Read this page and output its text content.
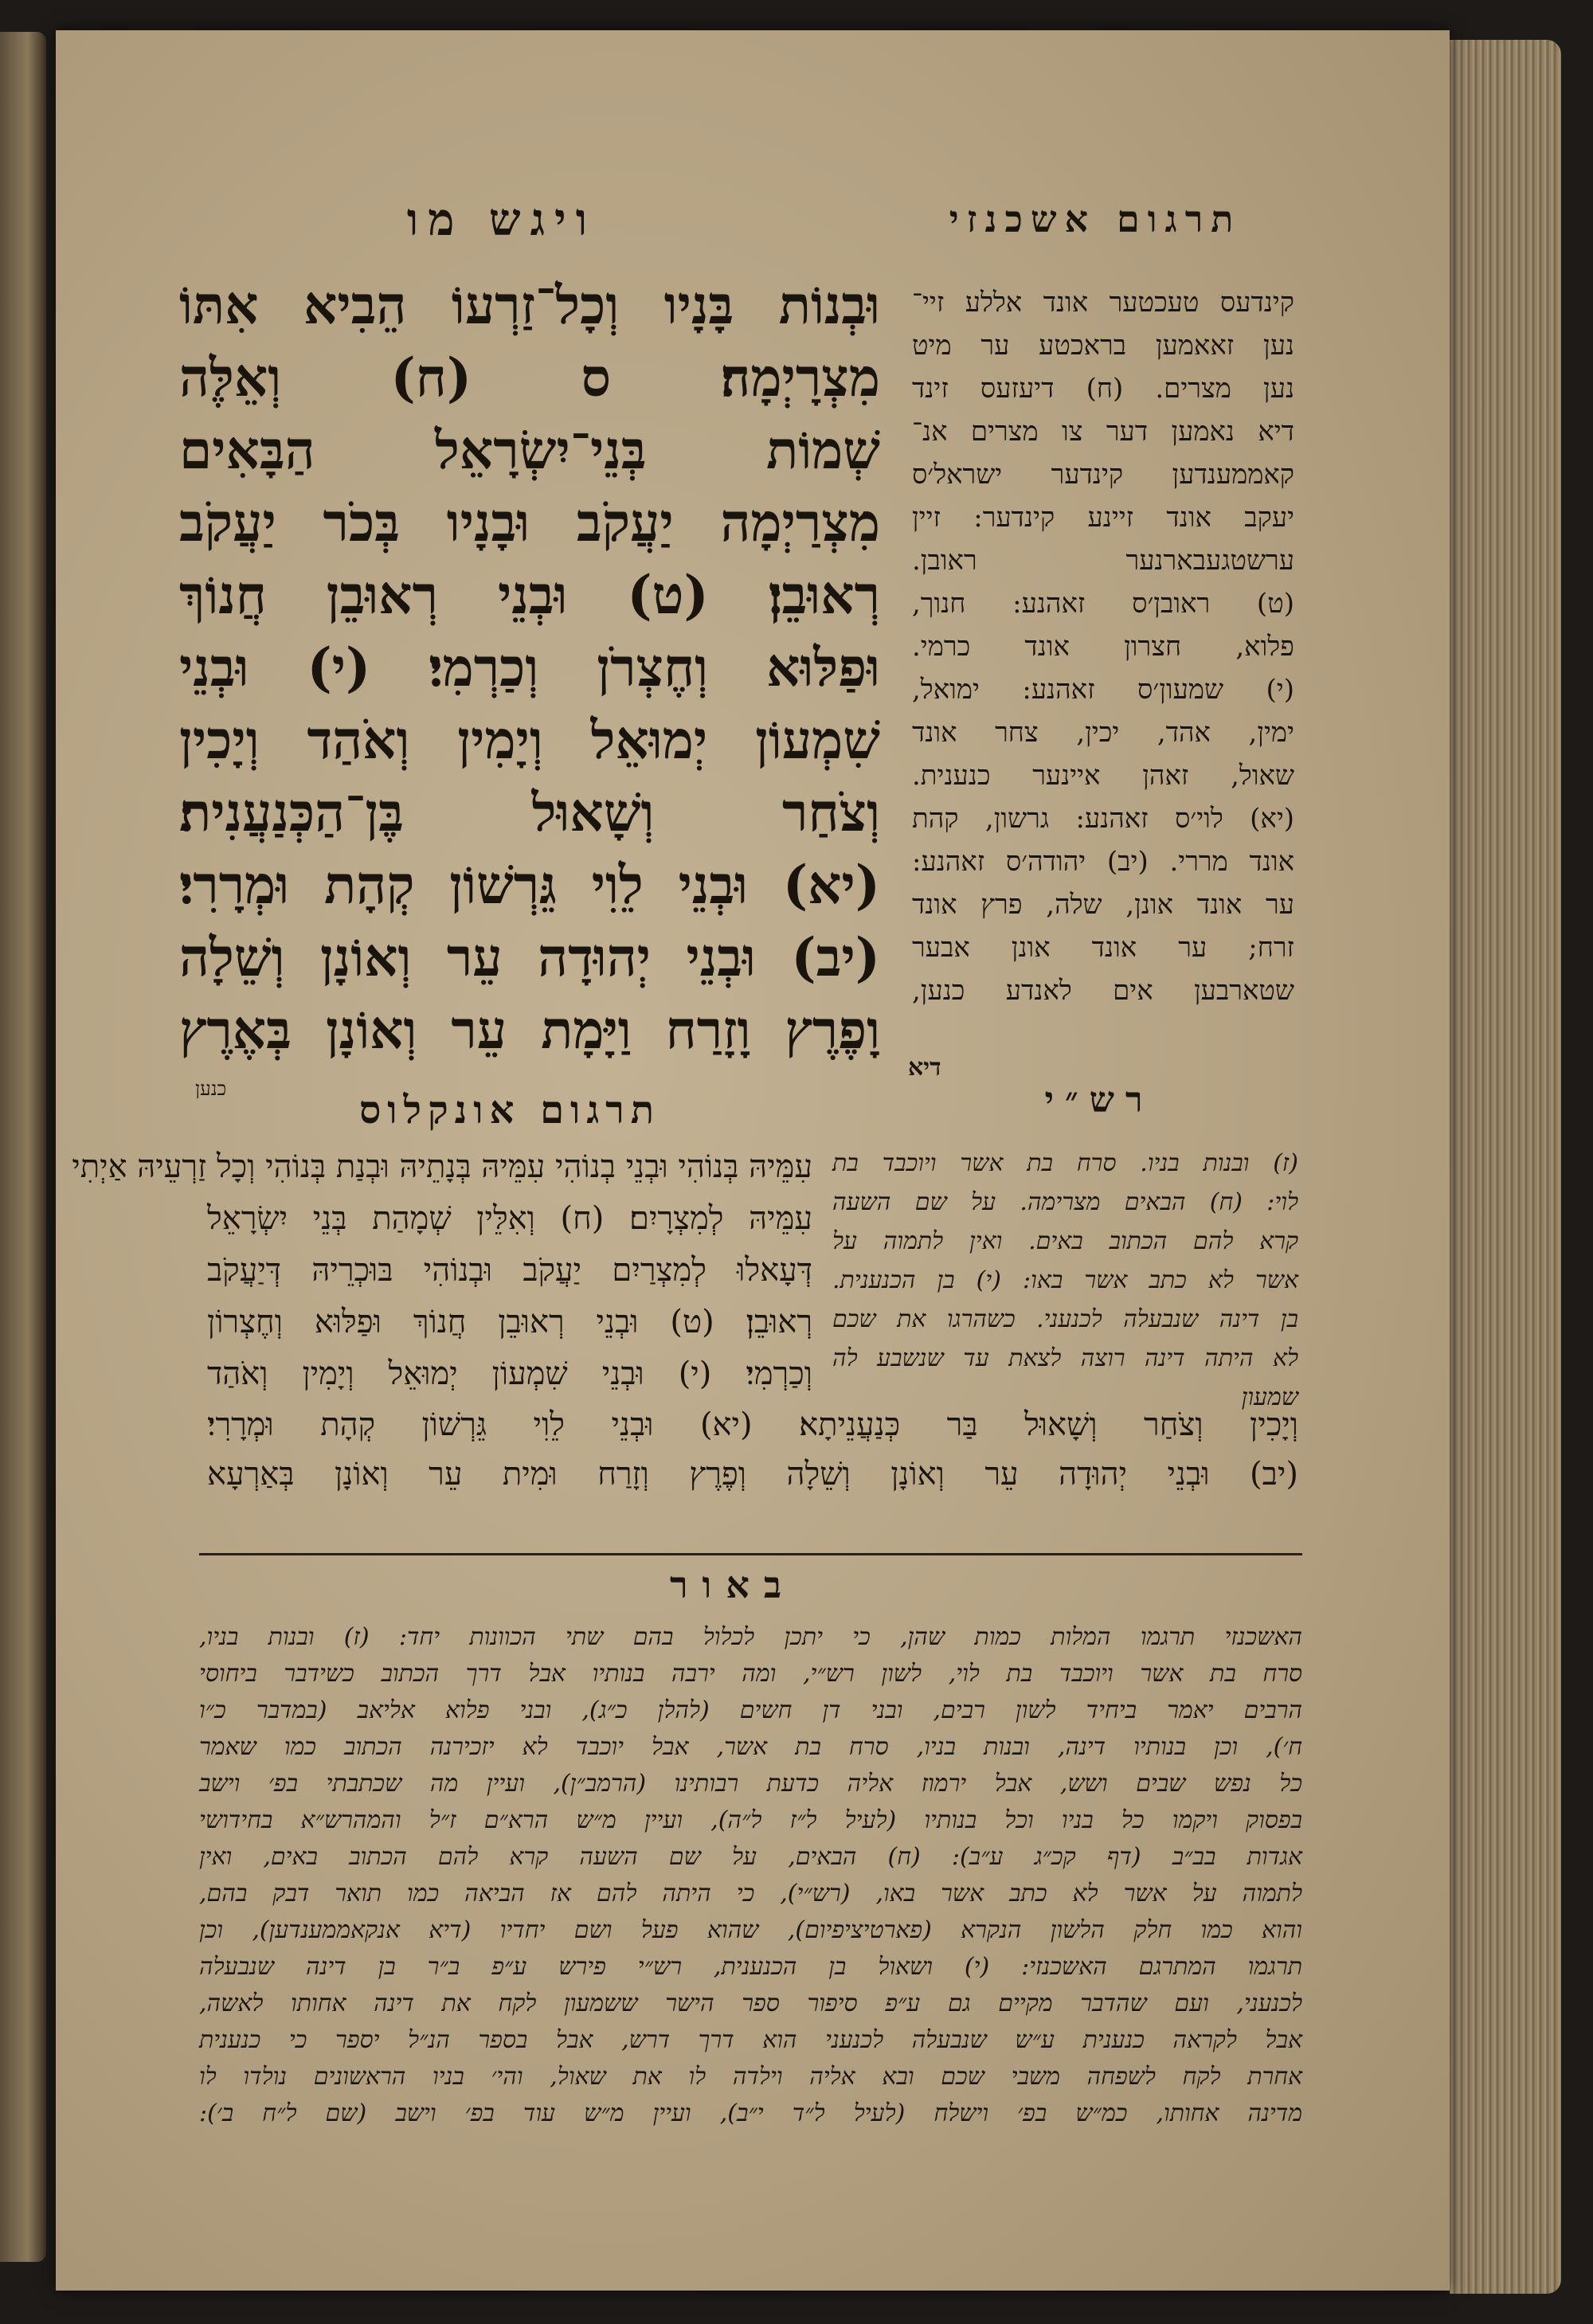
תרגום אשכנזי
ויגש מו
וּבְנוֹת בָּנָיו וְכָל־זַרְעוֹ הֵבִיא אִתּוֹ
מִצְרָיְמָה׃ ס (ח) וְאֵלֶּה
שְׁמוֹת בְּנֵי־יִשְׂרָאֵל הַבָּאִים
מִצְרַיְמָה יַעֲקֹב וּבָנָיו בְּכֹר יַעֲקֹב
רְאוּבֵן׃ (ט) וּבְנֵי רְאוּבֵן חֲנוֹךְ
וּפַלּוּא וְחֶצְרֹן וְכַרְמִי׃ (י) וּבְנֵי
שִׁמְעוֹן יְמוּאֵל וְיָמִין וְאֹהַד וְיָכִין
וְצֹחַר וְשָׁאוּל בֶּן־הַכְּנַעֲנִית׃
(יא) וּבְנֵי לֵוִי גֵּרְשׁוֹן קְהָת וּמְרָרִי׃
(יב) וּבְנֵי יְהוּדָה עֵר וְאוֹנָן וְשֵׁלָה
וָפֶרֶץ וָזָרַח וַיָּמָת עֵר וְאוֹנָן בְּאֶרֶץ
כנען
קינדעס טעכטער אונד אללע זיי־
נען זאאמען בראכטע ער מיט
נען מצרים. (ח) דיעזעס זינד
דיא נאמען דער צו מצרים אנ־
קאממענדען קינדער ישראל׳ס
יעקב אונד זיינע קינדער: זיין
ערשטגעבארנער ראובן.
(ט) ראובן׳ס זאהנע: חנוך,
פלוא, חצרון אונד כרמי.
(י) שמעון׳ס זאהנע: ימואל,
ימין, אהד, יכין, צחר אונד
שאול, זאהן איינער כנענית.
(יא) לוי׳ס זאהנע: גרשון, קהת
אונד מררי. (יב) יהודה׳ס זאהנע:
ער אונד אונן, שלה, פרץ אונד
זרח; ער אונד אונן אבער
שטארבען אים לאנדע כנען,
דיא
תרגום אונקלוס
עִמֵּיהּ בְּנוֹהִי וּבְנֵי בְנוֹהִי עִמֵּיהּ בְּנָתֵיהּ וּבְנַת בְּנוֹהִי וְכָל זַרְעֵיהּ אַיְתִי
עִמֵּיהּ לְמִצְרָיִם׃ (ח) וְאִלֵּין שְׁמָהַת בְּנֵי יִשְׂרָאֵל
דְּעָאלוּ לְמִצְרַיִם יַעֲקֹב וּבְנוֹהִי בּוּכְרֵיהּ דְּיַעֲקֹב
רְאוּבֵן׃ (ט) וּבְנֵי רְאוּבֵן חֲנוֹךְ וּפַלּוּא וְחֶצְרוֹן
וְכַרְמִי׃ (י) וּבְנֵי שִׁמְעוֹן יְמוּאֵל וְיָמִין וְאֹהַד
וְיָכִין וְצֹחַר וְשָׁאוּל בַּר כְּנַעֲנֵיתָא׃ (יא) וּבְנֵי לֵוִי גֵּרְשׁוֹן קְהָת וּמְרָרִי׃
(יב) וּבְנֵי יְהוּדָה עֵר וְאוֹנָן וְשֵׁלָה וְפֶרֶץ וְזָרַח וּמִית עֵר וְאוֹנָן בְּאַרְעָא
רש״י
(ז) ובנות בניו. סרח בת אשר ויוכבד בת
לוי: (ח) הבאים מצרימה. על שם השעה
קרא להם הכתוב באים. ואין לתמוה על
אשר לא כתב אשר באו: (י) בן הכנענית.
בן דינה שנבעלה לכנעני. כשהרגו את שכם
לא היתה דינה רוצה לצאת עד שנשבע לה
שמעון
באור
האשכנזי תרגמו המלות כמות שהן, כי יתכן לכלול בהם שתי הכוונות יחד: (ז) ובנות בניו,
סרח בת אשר ויוכבד בת לוי, לשון רש״י, ומה ירבה בנותיו אבל דרך הכתוב כשידבר ביחוסי
הרבים יאמר ביחיד לשון רבים, ובני דן חשים (להלן כ״ג), ובני פלוא אליאב (במדבר כ״ו
ח׳), וכן בנותיו דינה, ובנות בניו, סרח בת אשר, אבל יוכבד לא יזכירנה הכתוב כמו שאמר
כל נפש שבים ושש, אבל ירמוז אליה כדעת רבותינו (הרמב״ן), ועיין מה שכתבתי בפ׳ וישב
בפסוק ויקמו כל בניו וכל בנותיו (לעיל ל״ז ל״ה), ועיין מ״ש הרא״ם ז״ל והמהרש״א בחידושי
אגדות בב״ב (דף קכ״ג ע״ב): (ח) הבאים, על שם השעה קרא להם הכתוב באים, ואין
לתמוה על אשר לא כתב אשר באו, (רש״י), כי היתה להם אז הביאה כמו תואר דבק בהם,
והוא כמו חלק הלשון הנקרא (פארטיציפיום), שהוא פעל ושם יחדיו (דיא אנקאממענדען), וכן
תרגמו המתרגם האשכנזי: (י) ושאול בן הכנענית, רש״י פירש ע״פ ב״ר בן דינה שנבעלה
לכנעני, ועם שהדבר מקיים גם ע״פ סיפור ספר הישר ששמעון לקח את דינה אחותו לאשה,
אבל לקראה כנענית ע״ש שנבעלה לכנעני הוא דרך דרש, אבל בספר הנ״ל יספר כי כנענית
אחרת לקח לשפחה משבי שכם ובא אליה וילדה לו את שאול, והי׳ בניו הראשונים נולדו לו
מדינה אחותו, כמ״ש בפ׳ וישלח (לעיל ל״ד י״ב), ועיין מ״ש עוד בפ׳ וישב (שם ל״ח ב׳):
